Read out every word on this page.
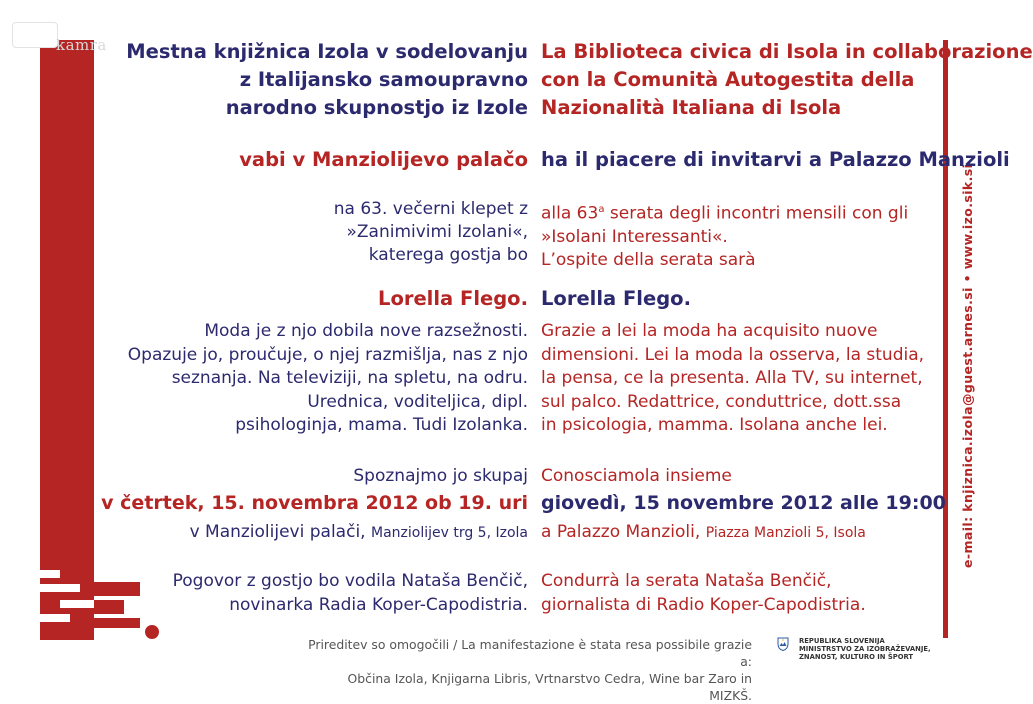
kamra
e-mail: knjiznica.izola@guest.arnes.si • www.izo.sik.si
Mestna knjižnica Izola v sodelovanju
z Italijansko samoupravno
narodno skupnostjo iz Izole
vabi v Manziolijevo palačo
na 63. večerni klepet z
»Zanimivimi Izolani«,
katerega gostja bo
Lorella Flego.
Moda je z njo dobila nove razsežnosti.
Opazuje jo, proučuje, o njej razmišlja, nas z njo
seznanja. Na televiziji, na spletu, na odru.
Urednica, voditeljica, dipl.
psihologinja, mama. Tudi Izolanka.
Spoznajmo jo skupaj
v četrtek, 15. novembra 2012 ob 19. uri
v Manziolijevi palači, Manziolijev trg 5, Izola
Pogovor z gostjo bo vodila Nataša Benčič,
novinarka Radia Koper-Capodistria.
La Biblioteca civica di Isola in collaborazione
con la Comunità Autogestita della
Nazionalità Italiana di Isola
ha il piacere di invitarvi a Palazzo Manzioli
alla 63$^a$ serata degli incontri mensili con gli
»Isolani Interessanti«.
L’ospite della serata sarà
Lorella Flego.
Grazie a lei la moda ha acquisito nuove
dimensioni. Lei la moda la osserva, la studia,
la pensa, ce la presenta. Alla TV, su internet,
sul palco. Redattrice, conduttrice, dott.ssa
in psicologia, mamma. Isolana anche lei.
Conosciamola insieme
giovedì, 15 novembre 2012 alle 19:00
a Palazzo Manzioli, Piazza Manzioli 5, Isola
Condurrà la serata Nataša Benčič,
giornalista di Radio Koper-Capodistria.
Prireditev so omogočili / La manifestazione è stata resa possibile grazie a:
Občina Izola, Knjigarna Libris, Vrtnarstvo Cedra, Wine bar Zaro in MIZKŠ.
REPUBLIKA SLOVENIJA
MINISTRSTVO ZA IZOBRAŽEVANJE,
ZNANOST, KULTURO IN ŠPORT
